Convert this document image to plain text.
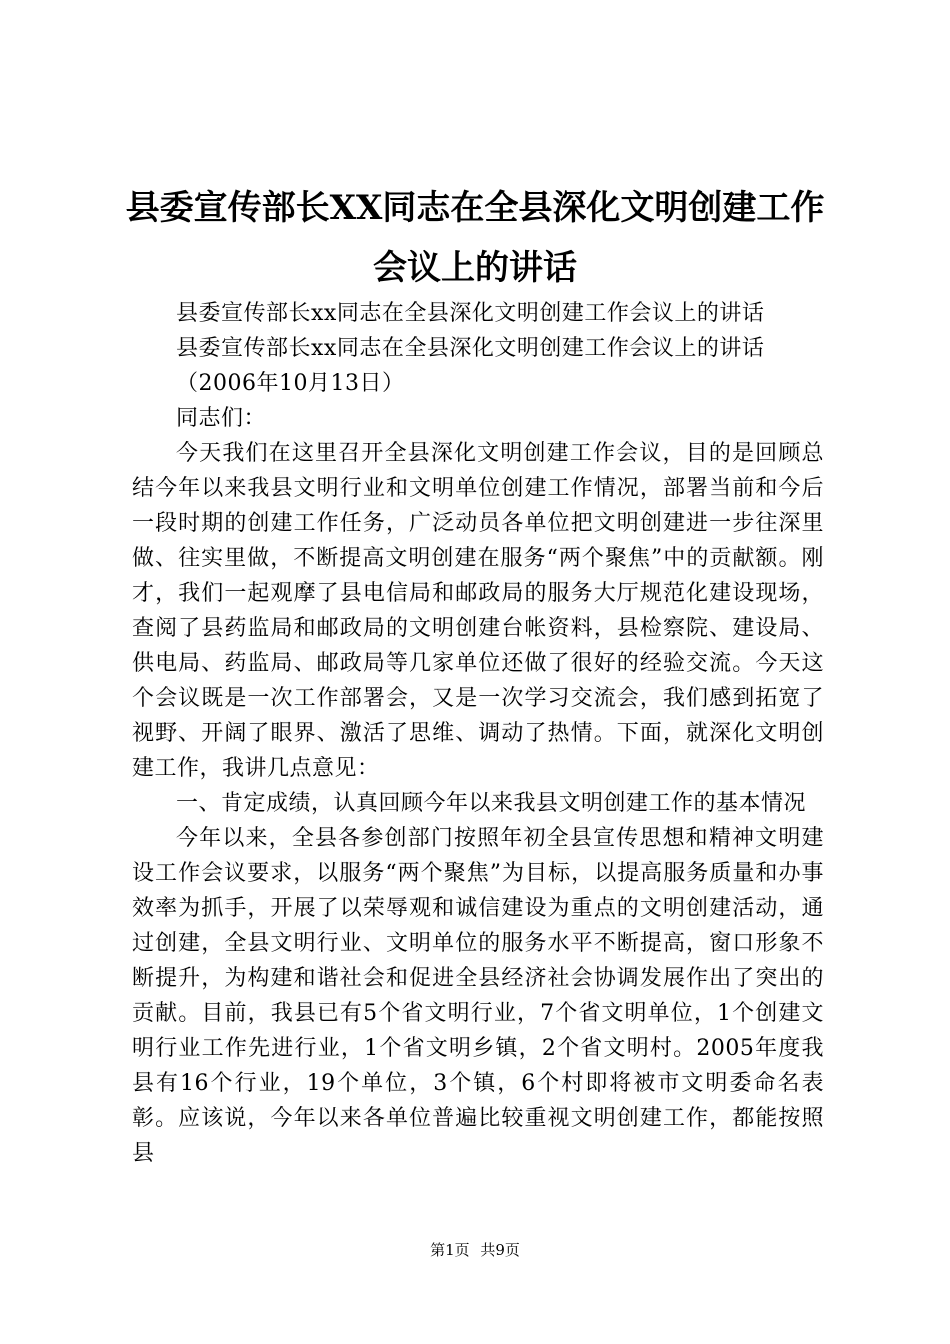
县委宣传部长XX同志在全县深化文明创建工作会议上的讲话

县委宣传部长xx同志在全县深化文明创建工作会议上的讲话

县委宣传部长xx同志在全县深化文明创建工作会议上的讲话

（2006年10月13日）

同志们：

今天我们在这里召开全县深化文明创建工作会议，目的是回顾总结今年以来我县文明行业和文明单位创建工作情况，部署当前和今后一段时期的创建工作任务，广泛动员各单位把文明创建进一步往深里做、往实里做，不断提高文明创建在服务“两个聚焦”中的贡献额。刚才，我们一起观摩了县电信局和邮政局的服务大厅规范化建设现场，查阅了县药监局和邮政局的文明创建台帐资料，县检察院、建设局、供电局、药监局、邮政局等几家单位还做了很好的经验交流。今天这个会议既是一次工作部署会，又是一次学习交流会，我们感到拓宽了视野、开阔了眼界、激活了思维、调动了热情。下面，就深化文明创建工作，我讲几点意见：

一、肯定成绩，认真回顾今年以来我县文明创建工作的基本情况

今年以来，全县各参创部门按照年初全县宣传思想和精神文明建设工作会议要求，以服务“两个聚焦”为目标，以提高服务质量和办事效率为抓手，开展了以荣辱观和诚信建设为重点的文明创建活动，通过创建，全县文明行业、文明单位的服务水平不断提高，窗口形象不断提升，为构建和谐社会和促进全县经济社会协调发展作出了突出的贡献。目前，我县已有5个省文明行业，7个省文明单位，1个创建文明行业工作先进行业，1个省文明乡镇，2个省文明村。2005年度我县有16个行业，19个单位，3个镇，6个村即将被市文明委命名表彰。应该说，今年以来各单位普遍比较重视文明创建工作，都能按照县

第1页 共9页
